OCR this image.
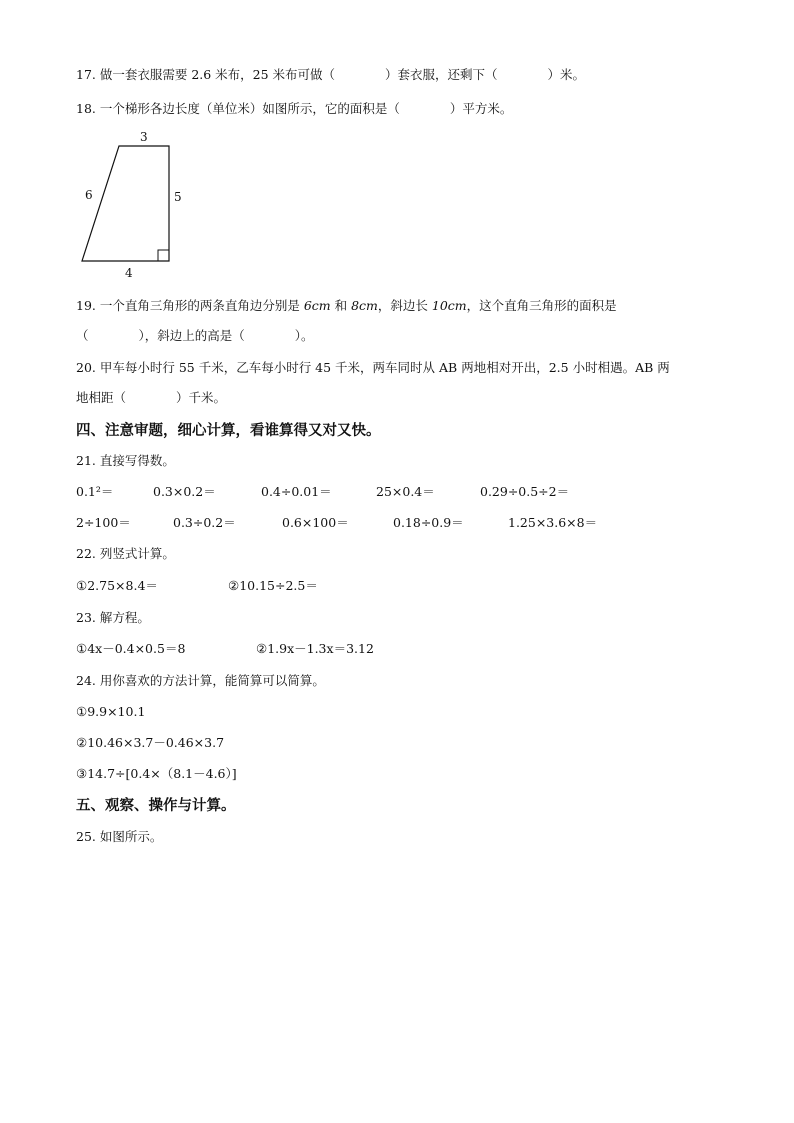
17. 做一套衣服需要 2.6 米布，25 米布可做（　　　　）套衣服，还剩下（　　　　）米。
18. 一个梯形各边长度（单位米）如图所示，它的面积是（　　　　）平方米。
3
6	5
4
19. 一个直角三角形的两条直角边分别是 6cm 和 8cm，斜边长 10cm，这个直角三角形的面积是
（　　　　），斜边上的高是（　　　　）。
20. 甲车每小时行 55 千米，乙车每小时行 45 千米，两车同时从 AB 两地相对开出，2.5 小时相遇。AB 两
地相距（　　　　）千米。
四、注意审题，细心计算，看谁算得又对又快。
21. 直接写得数。
0.1²＝	0.3×0.2＝	0.4÷0.01＝	25×0.4＝	0.29÷0.5÷2＝
2÷100＝	0.3÷0.2＝	0.6×100＝	0.18÷0.9＝	1.25×3.6×8＝
22. 列竖式计算。
①2.75×8.4＝	②10.15÷2.5＝
23. 解方程。
①4x－0.4×0.5＝8	②1.9x－1.3x＝3.12
24. 用你喜欢的方法计算，能简算可以简算。
①9.9×10.1
②10.46×3.7－0.46×3.7
③14.7÷[0.4×（8.1－4.6）]
五、观察、操作与计算。
25. 如图所示。
